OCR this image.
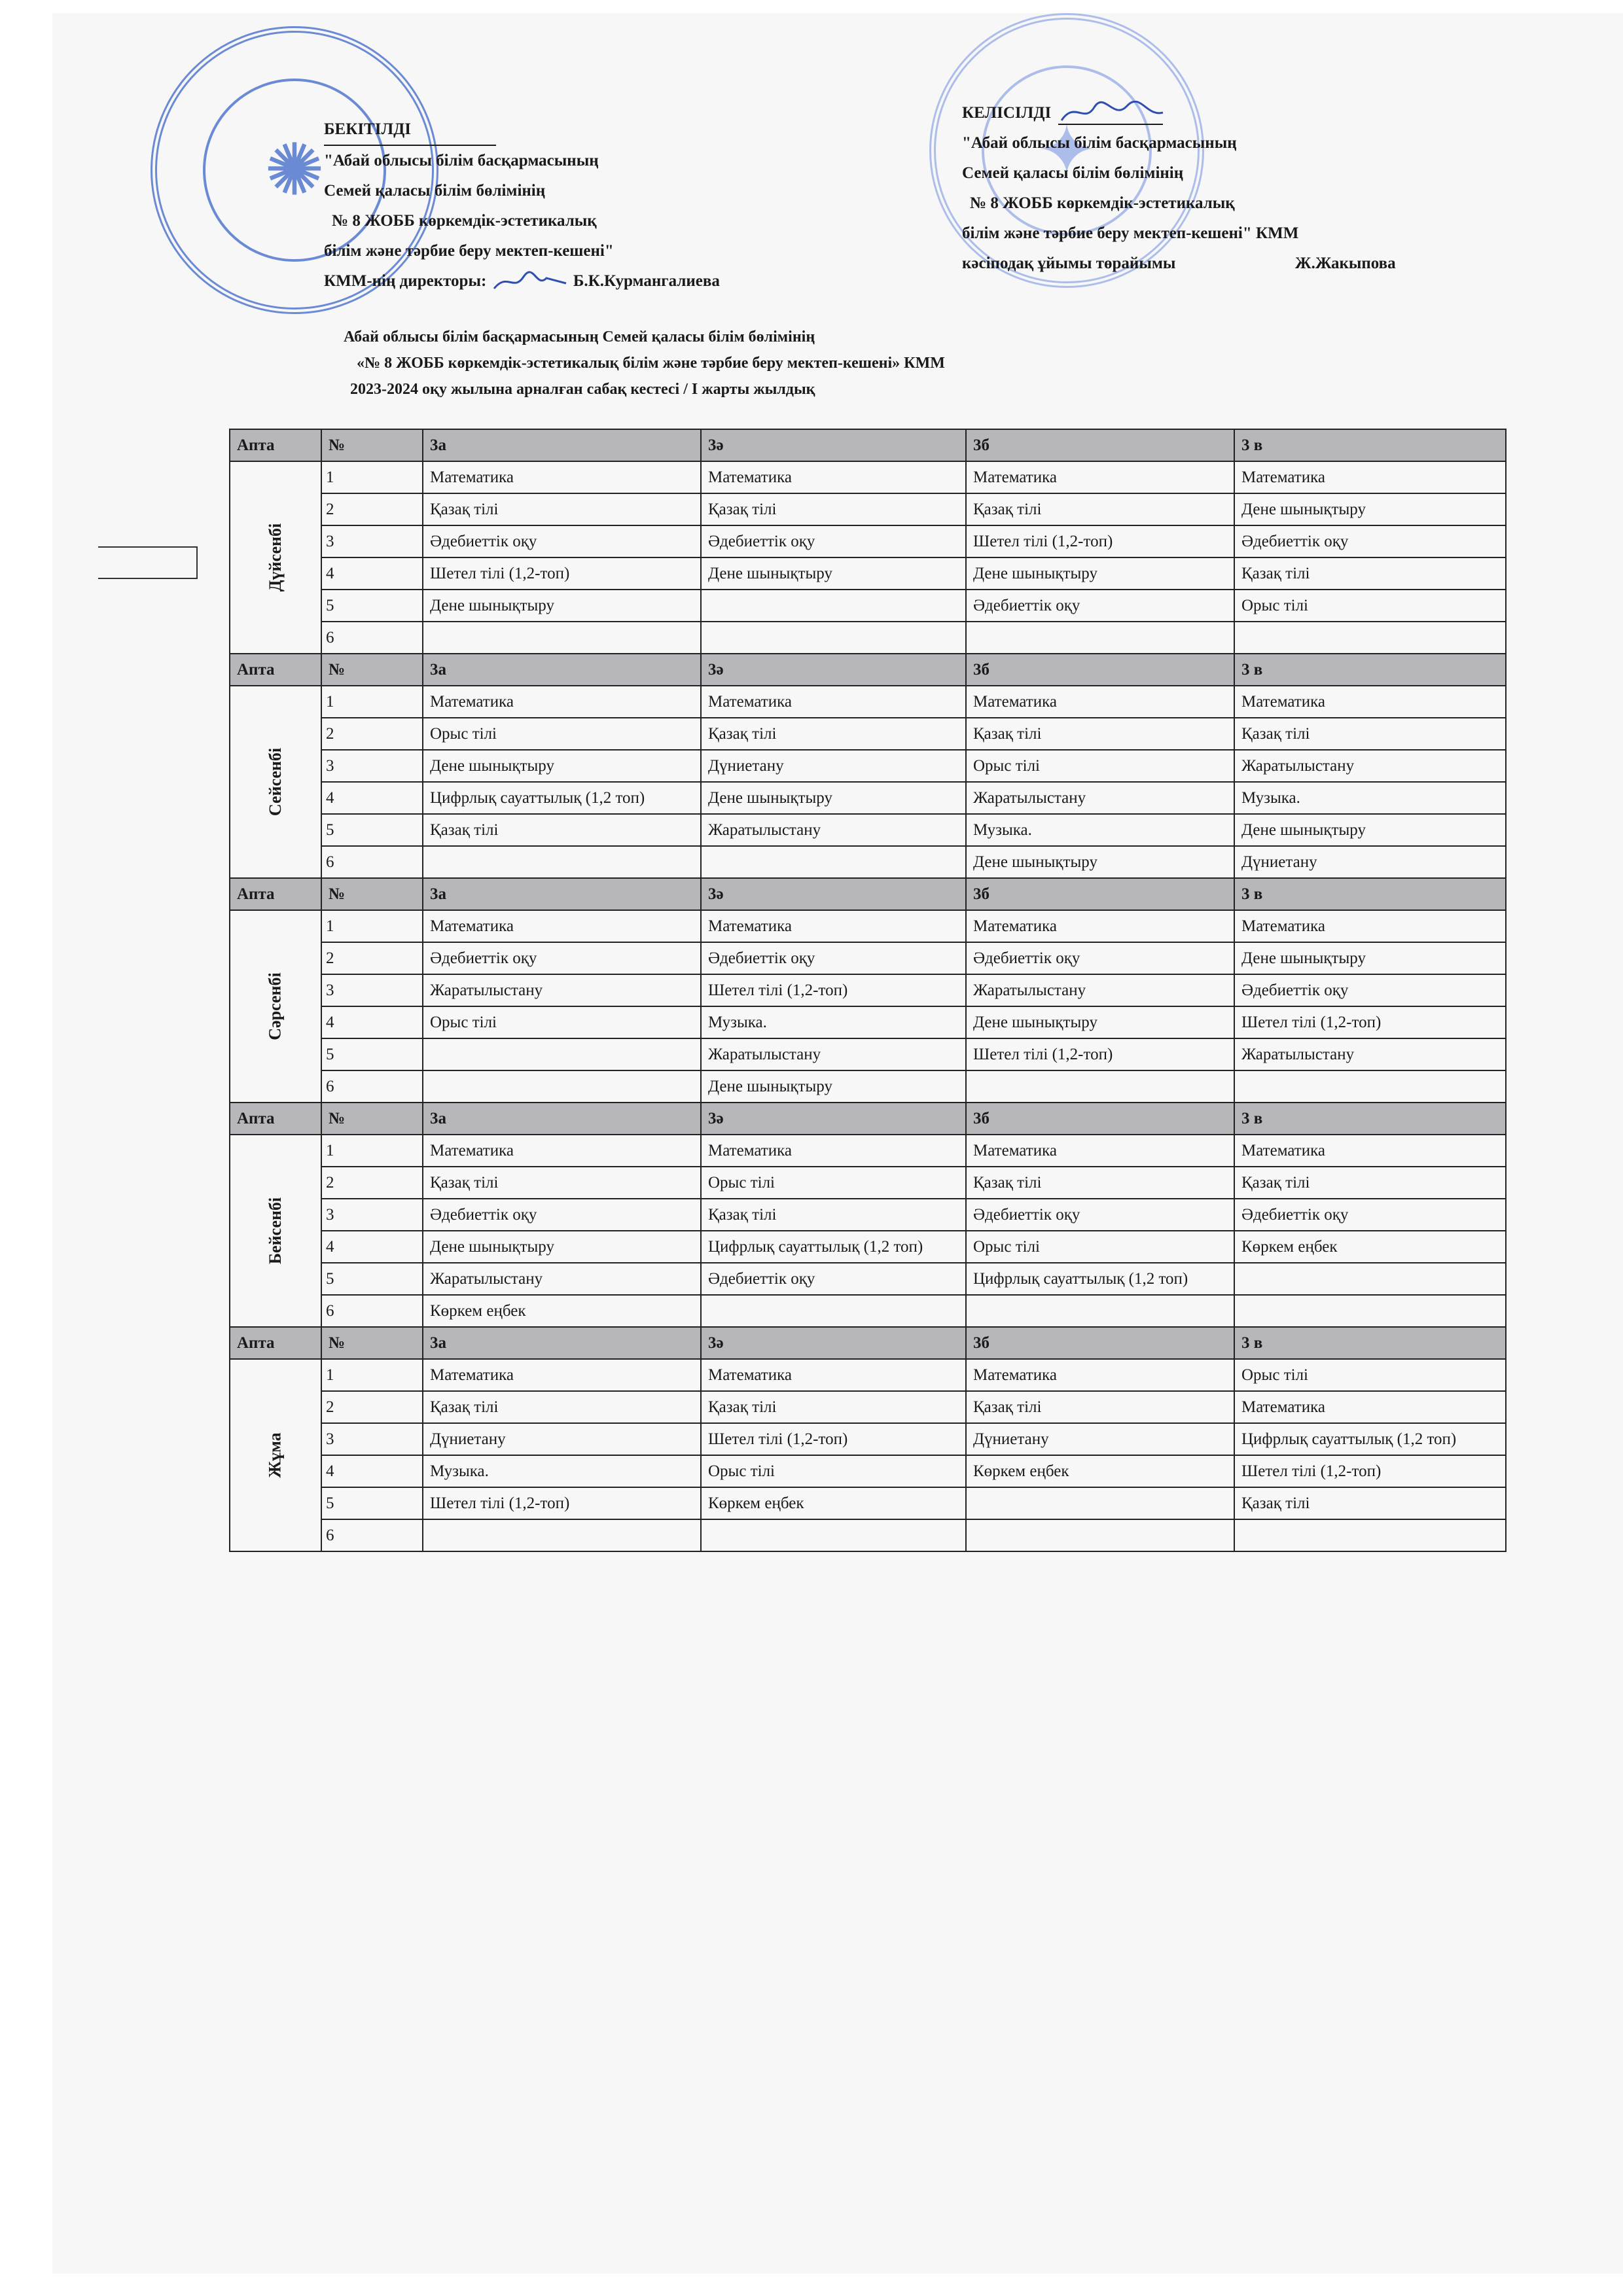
✺	✦
БЕКІТІЛДІ
"Абай облысы білім басқармасының
Семей қаласы білім бөлімінің
№ 8 ЖОББ көркемдік-эстетикалық
білім және тәрбие беру мектеп-кешені"
КММ-нің директоры:	Б.К.Курмангалиева
КЕЛІСІЛДІ
"Абай облысы білім басқармасының
Семей қаласы білім бөлімінің
№ 8 ЖОББ көркемдік-эстетикалық
білім және тәрбие беру мектеп-кешені" КММ
кәсіподақ ұйымы төрайымы	Ж.Жакыпова
Абай облысы білім басқармасының Семей қаласы білім бөлімінің
«№ 8 ЖОББ көркемдік-эстетикалық білім және тәрбие беру мектеп-кешені» КММ
2023-2024 оқу жылына арналған сабақ кестесі / І жарты жылдық
Апта	№	3а	3ә	3б	3 в
Дүйсенбі	1	Математика	Математика	Математика	Математика
	2	Қазақ тілі	Қазақ тілі	Қазақ тілі	Дене шынықтыру
	3	Әдебиеттік оқу	Әдебиеттік оқу	Шетел тілі (1,2-топ)	Әдебиеттік оқу
	4	Шетел тілі (1,2-топ)	Дене шынықтыру	Дене шынықтыру	Қазақ тілі
	5	Дене шынықтыру		Әдебиеттік оқу	Орыс тілі
	6				
Апта	№	3а	3ә	3б	3 в
Сейсенбі	1	Математика	Математика	Математика	Математика
	2	Орыс тілі	Қазақ тілі	Қазақ тілі	Қазақ тілі
	3	Дене шынықтыру	Дүниетану	Орыс тілі	Жаратылыстану
	4	Цифрлық сауаттылық (1,2 топ)	Дене шынықтыру	Жаратылыстану	Музыка.
	5	Қазақ тілі	Жаратылыстану	Музыка.	Дене шынықтыру
	6			Дене шынықтыру	Дүниетану
Апта	№	3а	3ә	3б	3 в
Сәрсенбі	1	Математика	Математика	Математика	Математика
	2	Әдебиеттік оқу	Әдебиеттік оқу	Әдебиеттік оқу	Дене шынықтыру
	3	Жаратылыстану	Шетел тілі (1,2-топ)	Жаратылыстану	Әдебиеттік оқу
	4	Орыс тілі	Музыка.	Дене шынықтыру	Шетел тілі (1,2-топ)
	5		Жаратылыстану	Шетел тілі (1,2-топ)	Жаратылыстану
	6		Дене шынықтыру		
Апта	№	3а	3ә	3б	3 в
Бейсенбі	1	Математика	Математика	Математика	Математика
	2	Қазақ тілі	Орыс тілі	Қазақ тілі	Қазақ тілі
	3	Әдебиеттік оқу	Қазақ тілі	Әдебиеттік оқу	Әдебиеттік оқу
	4	Дене шынықтыру	Цифрлық сауаттылық (1,2 топ)	Орыс тілі	Көркем еңбек
	5	Жаратылыстану	Әдебиеттік оқу	Цифрлық сауаттылық (1,2 топ)	
	6	Көркем еңбек			
Апта	№	3а	3ә	3б	3 в
Жұма	1	Математика	Математика	Математика	Орыс тілі
	2	Қазақ тілі	Қазақ тілі	Қазақ тілі	Математика
	3	Дүниетану	Шетел тілі (1,2-топ)	Дүниетану	Цифрлық сауаттылық (1,2 топ)
	4	Музыка.	Орыс тілі	Көркем еңбек	Шетел тілі (1,2-топ)
	5	Шетел тілі (1,2-топ)	Көркем еңбек		Қазақ тілі
	6				
